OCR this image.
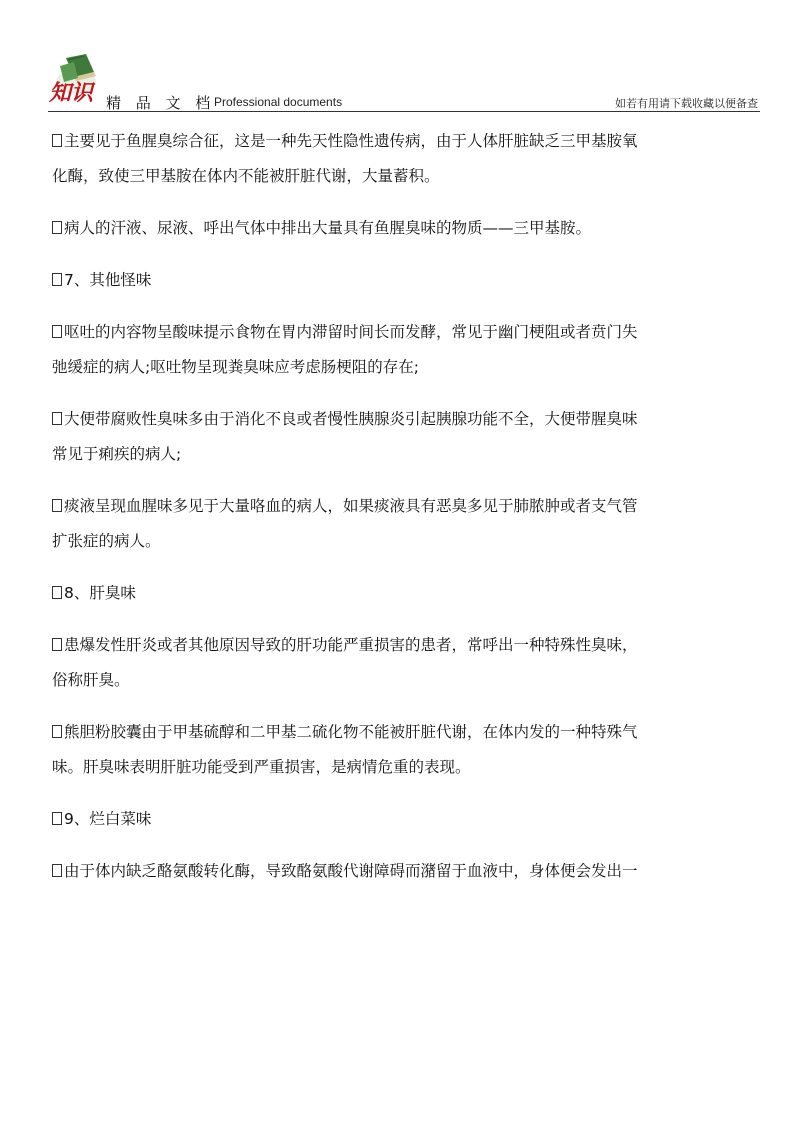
知识 精 品 文 档
Professional documents	如若有用请下载收藏以便备查
主要见于鱼腥臭综合征，这是一种先天性隐性遗传病，由于人体肝脏缺乏三甲基胺氧
化酶，致使三甲基胺在体内不能被肝脏代谢，大量蓄积。
病人的汗液、尿液、呼出气体中排出大量具有鱼腥臭味的物质——三甲基胺。
7、其他怪味
呕吐的内容物呈酸味提示食物在胃内滞留时间长而发酵，常见于幽门梗阻或者贲门失
弛缓症的病人;呕吐物呈现粪臭味应考虑肠梗阻的存在;
大便带腐败性臭味多由于消化不良或者慢性胰腺炎引起胰腺功能不全，大便带腥臭味
常见于痢疾的病人;
痰液呈现血腥味多见于大量咯血的病人，如果痰液具有恶臭多见于肺脓肿或者支气管
扩张症的病人。
8、肝臭味
患爆发性肝炎或者其他原因导致的肝功能严重损害的患者，常呼出一种特殊性臭味，
俗称肝臭。
熊胆粉胶囊由于甲基硫醇和二甲基二硫化物不能被肝脏代谢，在体内发的一种特殊气
味。肝臭味表明肝脏功能受到严重损害，是病情危重的表现。
9、烂白菜味
由于体内缺乏酪氨酸转化酶，导致酪氨酸代谢障碍而潴留于血液中，身体便会发出一
